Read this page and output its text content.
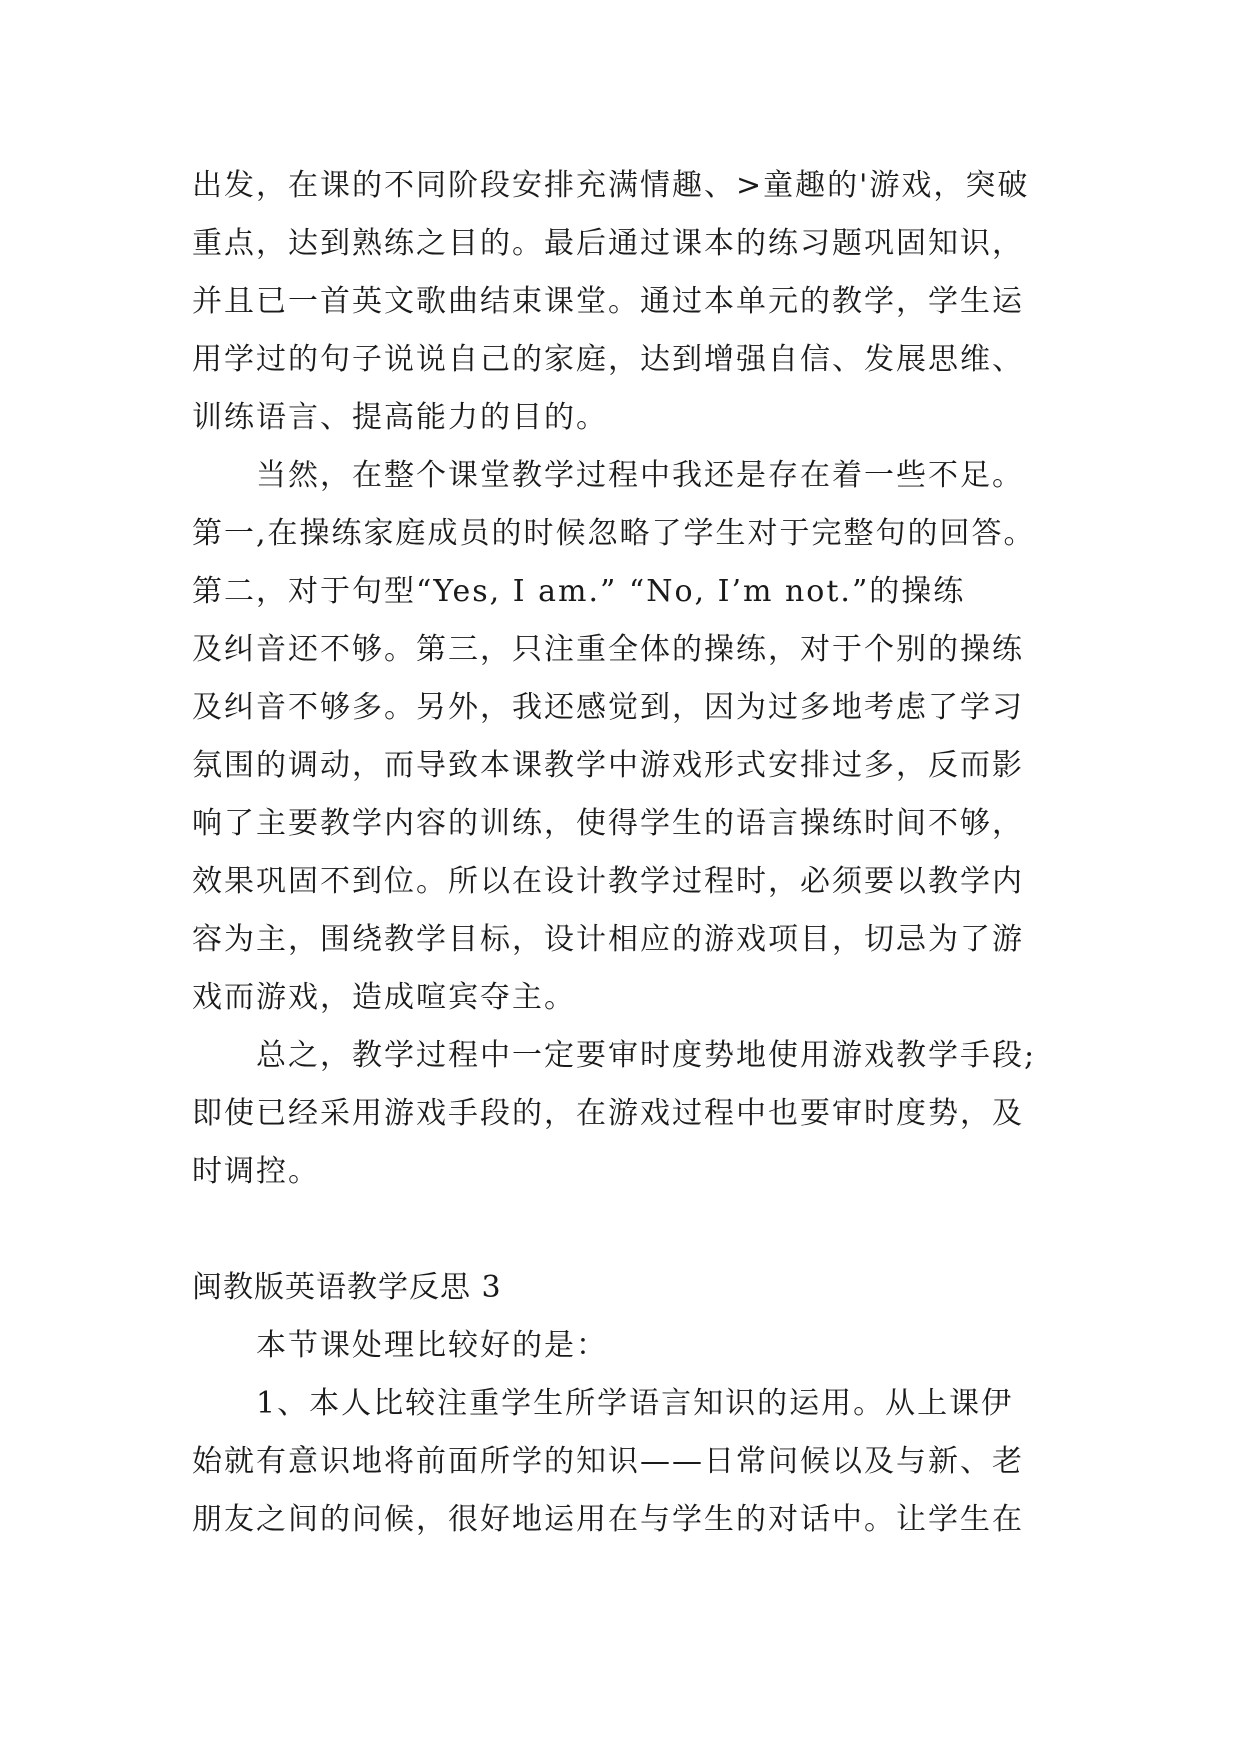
出发，在课的不同阶段安排充满情趣、>童趣的'游戏，突破
重点，达到熟练之目的。最后通过课本的练习题巩固知识，
并且已一首英文歌曲结束课堂。通过本单元的教学，学生运
用学过的句子说说自己的家庭，达到增强自信、发展思维、
训练语言、提高能力的目的。
当然，在整个课堂教学过程中我还是存在着一些不足。
第一,在操练家庭成员的时候忽略了学生对于完整句的回答。
第二，对于句型“Yes, I am.” “No, I’m not.”的操练
及纠音还不够。第三，只注重全体的操练，对于个别的操练
及纠音不够多。另外，我还感觉到，因为过多地考虑了学习
氛围的调动，而导致本课教学中游戏形式安排过多，反而影
响了主要教学内容的训练，使得学生的语言操练时间不够，
效果巩固不到位。所以在设计教学过程时，必须要以教学内
容为主，围绕教学目标，设计相应的游戏项目，切忌为了游
戏而游戏，造成喧宾夺主。
总之，教学过程中一定要审时度势地使用游戏教学手段;
即使已经采用游戏手段的，在游戏过程中也要审时度势，及
时调控。
闽教版英语教学反思 3
本节课处理比较好的是：
1、本人比较注重学生所学语言知识的运用。从上课伊
始就有意识地将前面所学的知识——日常问候以及与新、老
朋友之间的问候，很好地运用在与学生的对话中。让学生在
